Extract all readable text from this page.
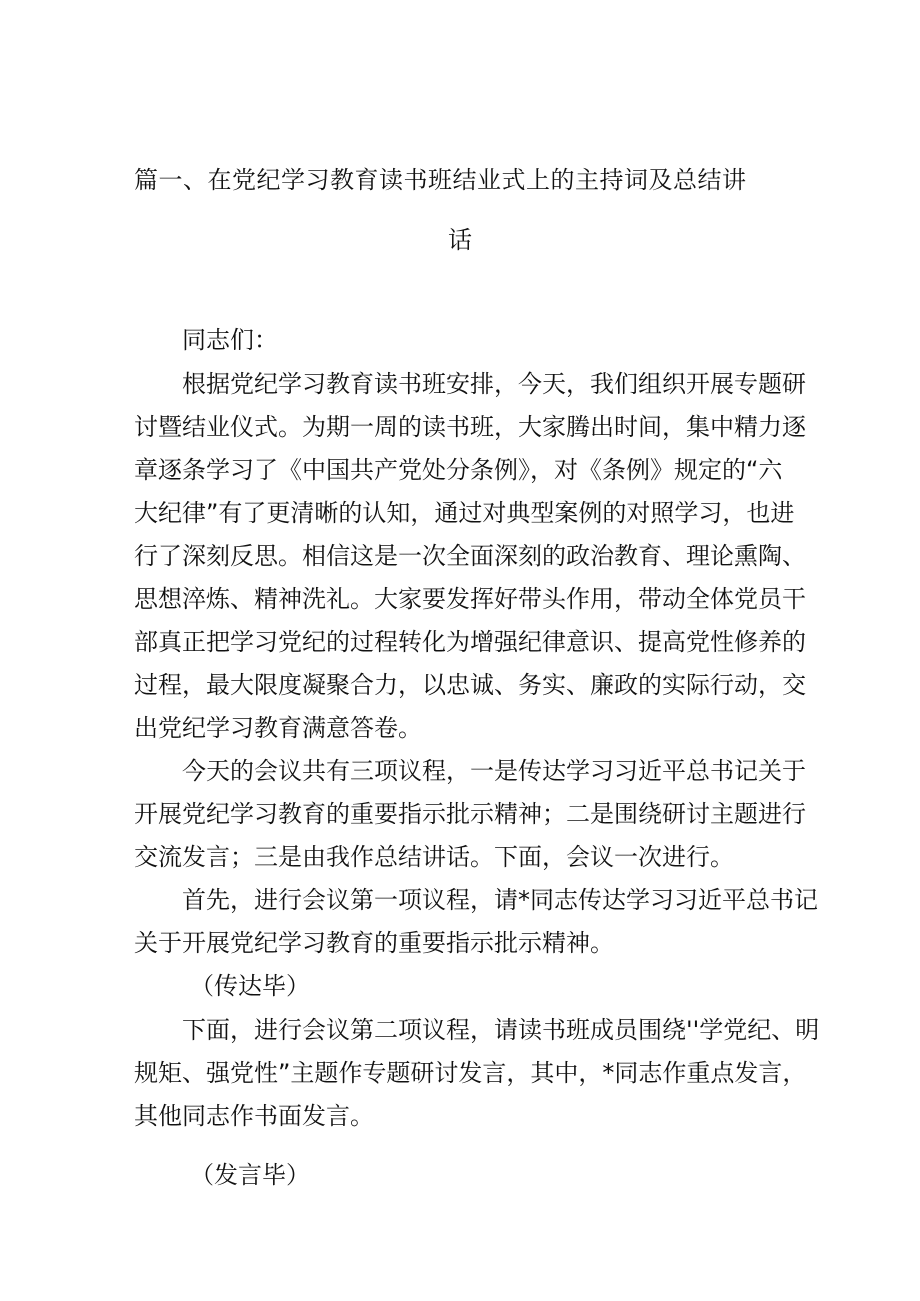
篇一、在党纪学习教育读书班结业式上的主持词及总结讲
话

同志们：

根据党纪学习教育读书班安排，今天，我们组织开展专题研

讨暨结业仪式。为期一周的读书班，大家腾出时间，集中精力逐

章逐条学习了《中国共产党处分条例》，对《条例》规定的“六

大纪律”有了更清晰的认知，通过对典型案例的对照学习，也进

行了深刻反思。相信这是一次全面深刻的政治教育、理论熏陶、

思想淬炼、精神洗礼。大家要发挥好带头作用，带动全体党员干

部真正把学习党纪的过程转化为增强纪律意识、提高党性修养的

过程，最大限度凝聚合力，以忠诚、务实、廉政的实际行动，交

出党纪学习教育满意答卷。

今天的会议共有三项议程，一是传达学习习近平总书记关于

开展党纪学习教育的重要指示批示精神；二是围绕研讨主题进行

交流发言；三是由我作总结讲话。下面，会议一次进行。

首先，进行会议第一项议程，请*同志传达学习习近平总书记

关于开展党纪学习教育的重要指示批示精神。

（传达毕）

下面，进行会议第二项议程，请读书班成员围绕''学党纪、明

规矩、强党性”主题作专题研讨发言，其中，*同志作重点发言，

其他同志作书面发言。

（发言毕）
